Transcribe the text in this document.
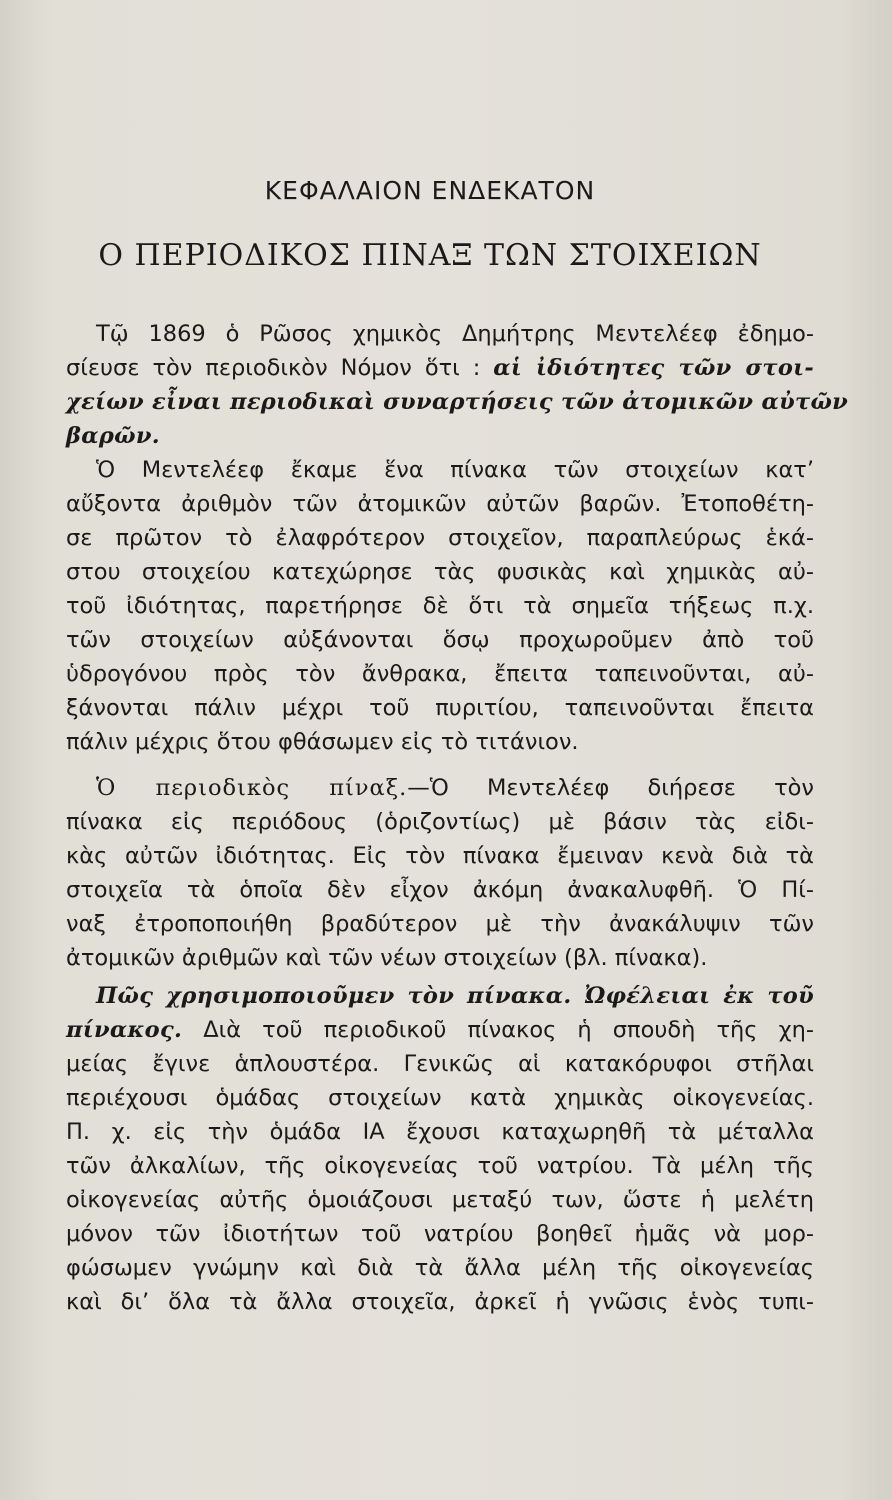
ΚΕΦΑΛΑΙΟΝ ΕΝΔΕΚΑΤΟΝ
Ο ΠΕΡΙΟΔΙΚΟΣ ΠΙΝΑΞ ΤΩΝ ΣΤΟΙΧΕΙΩΝ
Τῷ 1869 ὁ Ρῶσος χημικὸς Δημήτρης Μεντελέεφ ἐδημο-
σίευσε τὸν περιοδικὸν Νόμον ὅτι : αἱ ἰδιότητες τῶν στοι-
χείων εἶναι περιοδικαὶ συναρτήσεις τῶν ἀτομικῶν αὐτῶν
βαρῶν.
Ὁ Μεντελέεφ ἔκαμε ἕνα πίνακα τῶν στοιχείων κατ’
αὔξοντα ἀριθμὸν τῶν ἀτομικῶν αὐτῶν βαρῶν. Ἐτοποθέτη-
σε πρῶτον τὸ ἐλαφρότερον στοιχεῖον, παραπλεύρως ἑκά-
στου στοιχείου κατεχώρησε τὰς φυσικὰς καὶ χημικὰς αὐ-
τοῦ ἰδιότητας, παρετήρησε δὲ ὅτι τὰ σημεῖα τήξεως π.χ.
τῶν στοιχείων αὐξάνονται ὅσῳ προχωροῦμεν ἀπὸ τοῦ
ὑδρογόνου πρὸς τὸν ἄνθρακα, ἔπειτα ταπεινοῦνται, αὐ-
ξάνονται πάλιν μέχρι τοῦ πυριτίου, ταπεινοῦνται ἔπειτα
πάλιν μέχρις ὅτου φθάσωμεν εἰς τὸ τιτάνιον.
Ὁ περιοδικὸς πίναξ.—Ὁ Μεντελέεφ διήρεσε τὸν
πίνακα εἰς περιόδους (ὁριζοντίως) μὲ βάσιν τὰς εἰδι-
κὰς αὐτῶν ἰδιότητας. Εἰς τὸν πίνακα ἔμειναν κενὰ διὰ τὰ
στοιχεῖα τὰ ὁποῖα δὲν εἶχον ἀκόμη ἀνακαλυφθῆ. Ὁ Πί-
ναξ ἐτροποποιήθη βραδύτερον μὲ τὴν ἀνακάλυψιν τῶν
ἀτομικῶν ἀριθμῶν καὶ τῶν νέων στοιχείων (βλ. πίνακα).
Πῶς χρησιμοποιοῦμεν τὸν πίνακα. Ὠφέλειαι ἐκ τοῦ
πίνακος. Διὰ τοῦ περιοδικοῦ πίνακος ἡ σπουδὴ τῆς χη-
μείας ἔγινε ἁπλουστέρα. Γενικῶς αἱ κατακόρυφοι στῆλαι
περιέχουσι ὁμάδας στοιχείων κατὰ χημικὰς οἰκογενείας.
Π. χ. εἰς τὴν ὁμάδα ΙΑ ἔχουσι καταχωρηθῆ τὰ μέταλλα
τῶν ἀλκαλίων, τῆς οἰκογενείας τοῦ νατρίου. Τὰ μέλη τῆς
οἰκογενείας αὐτῆς ὁμοιάζουσι μεταξύ των, ὥστε ἡ μελέτη
μόνον τῶν ἰδιοτήτων τοῦ νατρίου βοηθεῖ ἡμᾶς νὰ μορ-
φώσωμεν γνώμην καὶ διὰ τὰ ἄλλα μέλη τῆς οἰκογενείας
καὶ δι’ ὅλα τὰ ἄλλα στοιχεῖα, ἀρκεῖ ἡ γνῶσις ἑνὸς τυπι-
